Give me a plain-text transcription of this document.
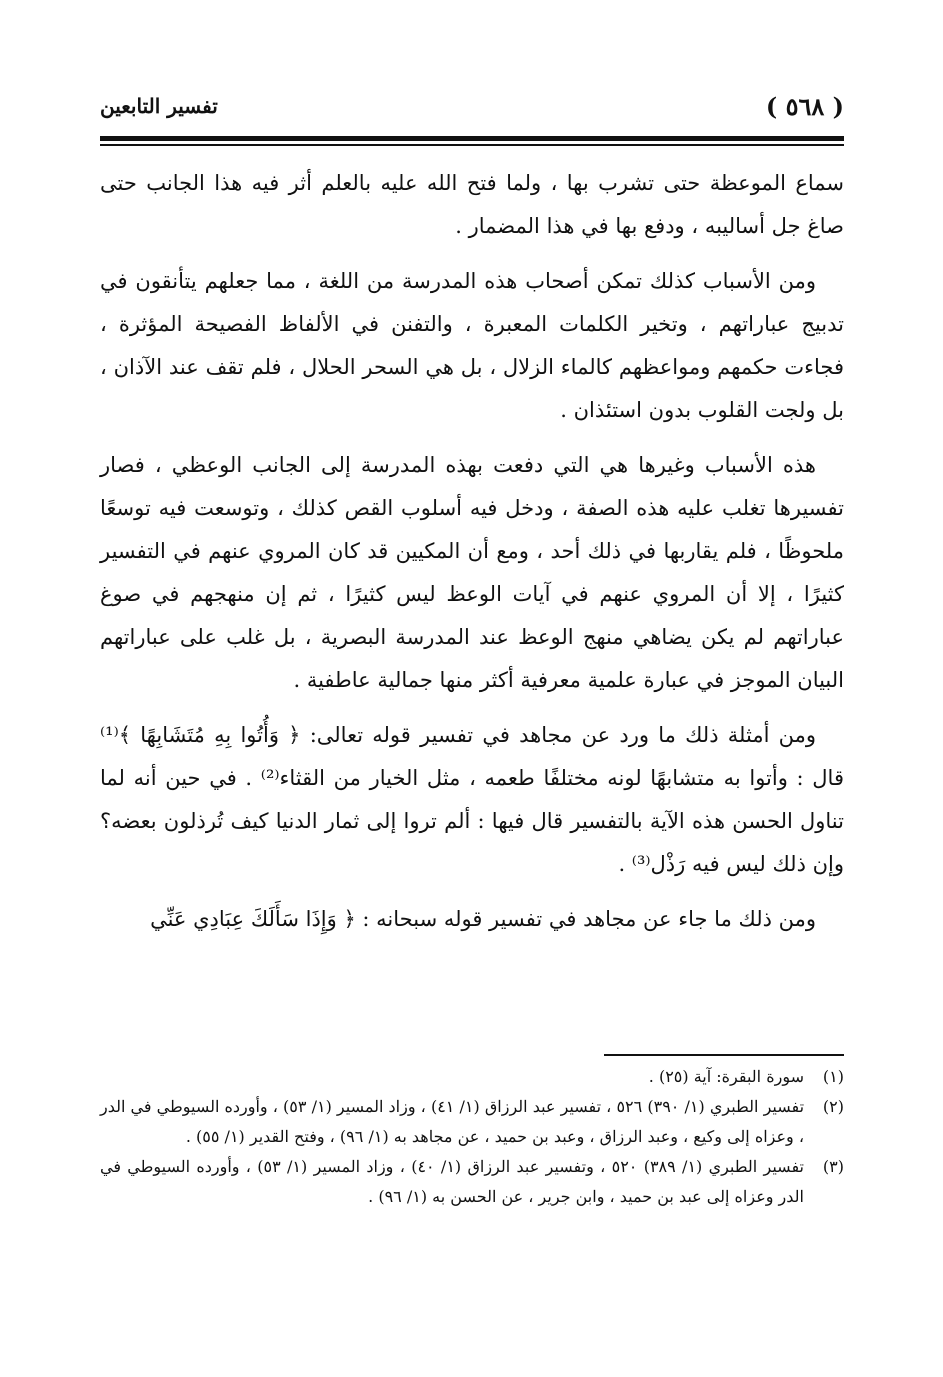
( ٥٦٨ )
تفسير التابعين

سماع الموعظة حتى تشرب بها ، ولما فتح الله عليه بالعلم أثر فيه هذا الجانب حتى صاغ جل أساليبه ، ودفع بها في هذا المضمار .

ومن الأسباب كذلك تمكن أصحاب هذه المدرسة من اللغة ، مما جعلهم يتأنقون في تدبيج عباراتهم ، وتخير الكلمات المعبرة ، والتفنن في الألفاظ الفصيحة المؤثرة ، فجاءت حكمهم ومواعظهم كالماء الزلال ، بل هي السحر الحلال ، فلم تقف عند الآذان ، بل ولجت القلوب بدون استئذان .

هذه الأسباب وغيرها هي التي دفعت بهذه المدرسة إلى الجانب الوعظي ، فصار تفسيرها تغلب عليه هذه الصفة ، ودخل فيه أسلوب القص كذلك ، وتوسعت فيه توسعًا ملحوظًا ، فلم يقاربها في ذلك أحد ، ومع أن المكيين قد كان المروي عنهم في التفسير كثيرًا ، إلا أن المروي عنهم في آيات الوعظ ليس كثيرًا ، ثم إن منهجهم في صوغ عباراتهم لم يكن يضاهي منهج الوعظ عند المدرسة البصرية ، بل غلب على عباراتهم البيان الموجز في عبارة علمية معرفية أكثر منها جمالية عاطفية .

ومن أمثلة ذلك ما ورد عن مجاهد في تفسير قوله تعالى: ﴿ وَأُتُوا بِهِ مُتَشَابِهًا ﴾⁽¹⁾ قال : وأتوا به متشابهًا لونه مختلفًا طعمه ، مثل الخيار من القثاء⁽²⁾ . في حين أنه لما تناول الحسن هذه الآية بالتفسير قال فيها : ألم تروا إلى ثمار الدنيا كيف تُرذلون بعضه؟ وإن ذلك ليس فيه رَذْل⁽³⁾ .

ومن ذلك ما جاء عن مجاهد في تفسير قوله سبحانه : ﴿ وَإِذَا سَأَلَكَ عِبَادِي عَنِّي

(١)
سورة البقرة: آية (٢٥) .
(٢)
تفسير الطبري (١/ ٣٩٠) ٥٢٦ ، تفسير عبد الرزاق (١/ ٤١) ، وزاد المسير (١/ ٥٣) ، وأورده السيوطي في الدر ، وعزاه إلى وكيع ، وعبد الرزاق ، وعبد بن حميد ، عن مجاهد به (١/ ٩٦) ، وفتح القدير (١/ ٥٥) .
(٣)
تفسير الطبري (١/ ٣٨٩) ٥٢٠ ، وتفسير عبد الرزاق (١/ ٤٠) ، وزاد المسير (١/ ٥٣) ، وأورده السيوطي في الدر وعزاه إلى عبد بن حميد ، وابن جرير ، عن الحسن به (١/ ٩٦) .
